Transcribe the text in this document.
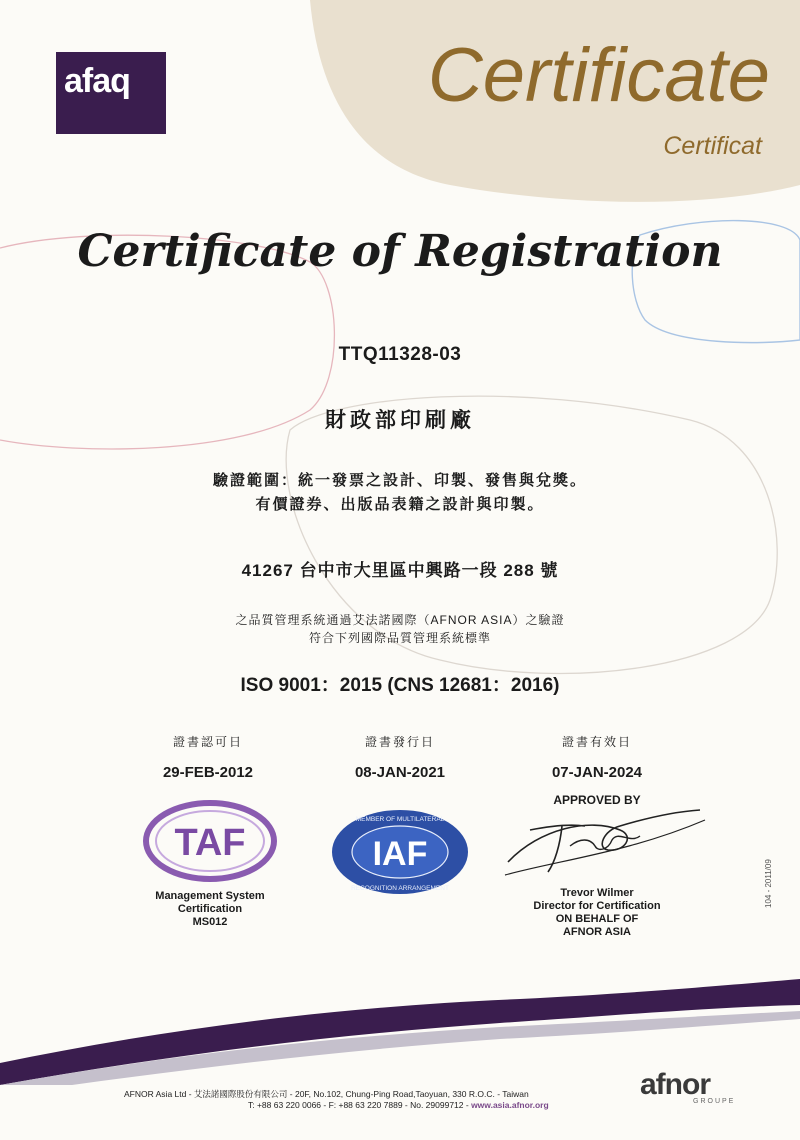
afaq	Certificate
Certificat
Certificate of Registration
TTQ11328-03
財政部印刷廠
驗證範圍：統一發票之設計、印製、發售與兌獎。
有價證券、出版品表籍之設計與印製。
41267 台中市大里區中興路一段 288 號
之品質管理系統通過艾法諾國際（AFNOR ASIA）之驗證
符合下列國際品質管理系統標準
ISO 9001：2015 (CNS 12681：2016)
證書認可日
29-FEB-2012
證書發行日
08-JAN-2021
證書有效日
07-JAN-2024
APPROVED BY
TAF
Management System
Certification
MS012
IAF
MEMBER OF MULTILATERAL
RECOGNITION ARRANGEMENT	Trevor Wilmer
Director for Certification
ON BEHALF OF
AFNOR ASIA
104 - 2011/09
AFNOR Asia Ltd - 艾法諾國際股份有限公司 - 20F, No.102, Chung-Ping Road,Taoyuan, 330 R.O.C. - Taiwan
T: +88 63 220 0066 - F: +88 63 220 7889 - No. 29099712 - www.asia.afnor.org
afnor
GROUPE
